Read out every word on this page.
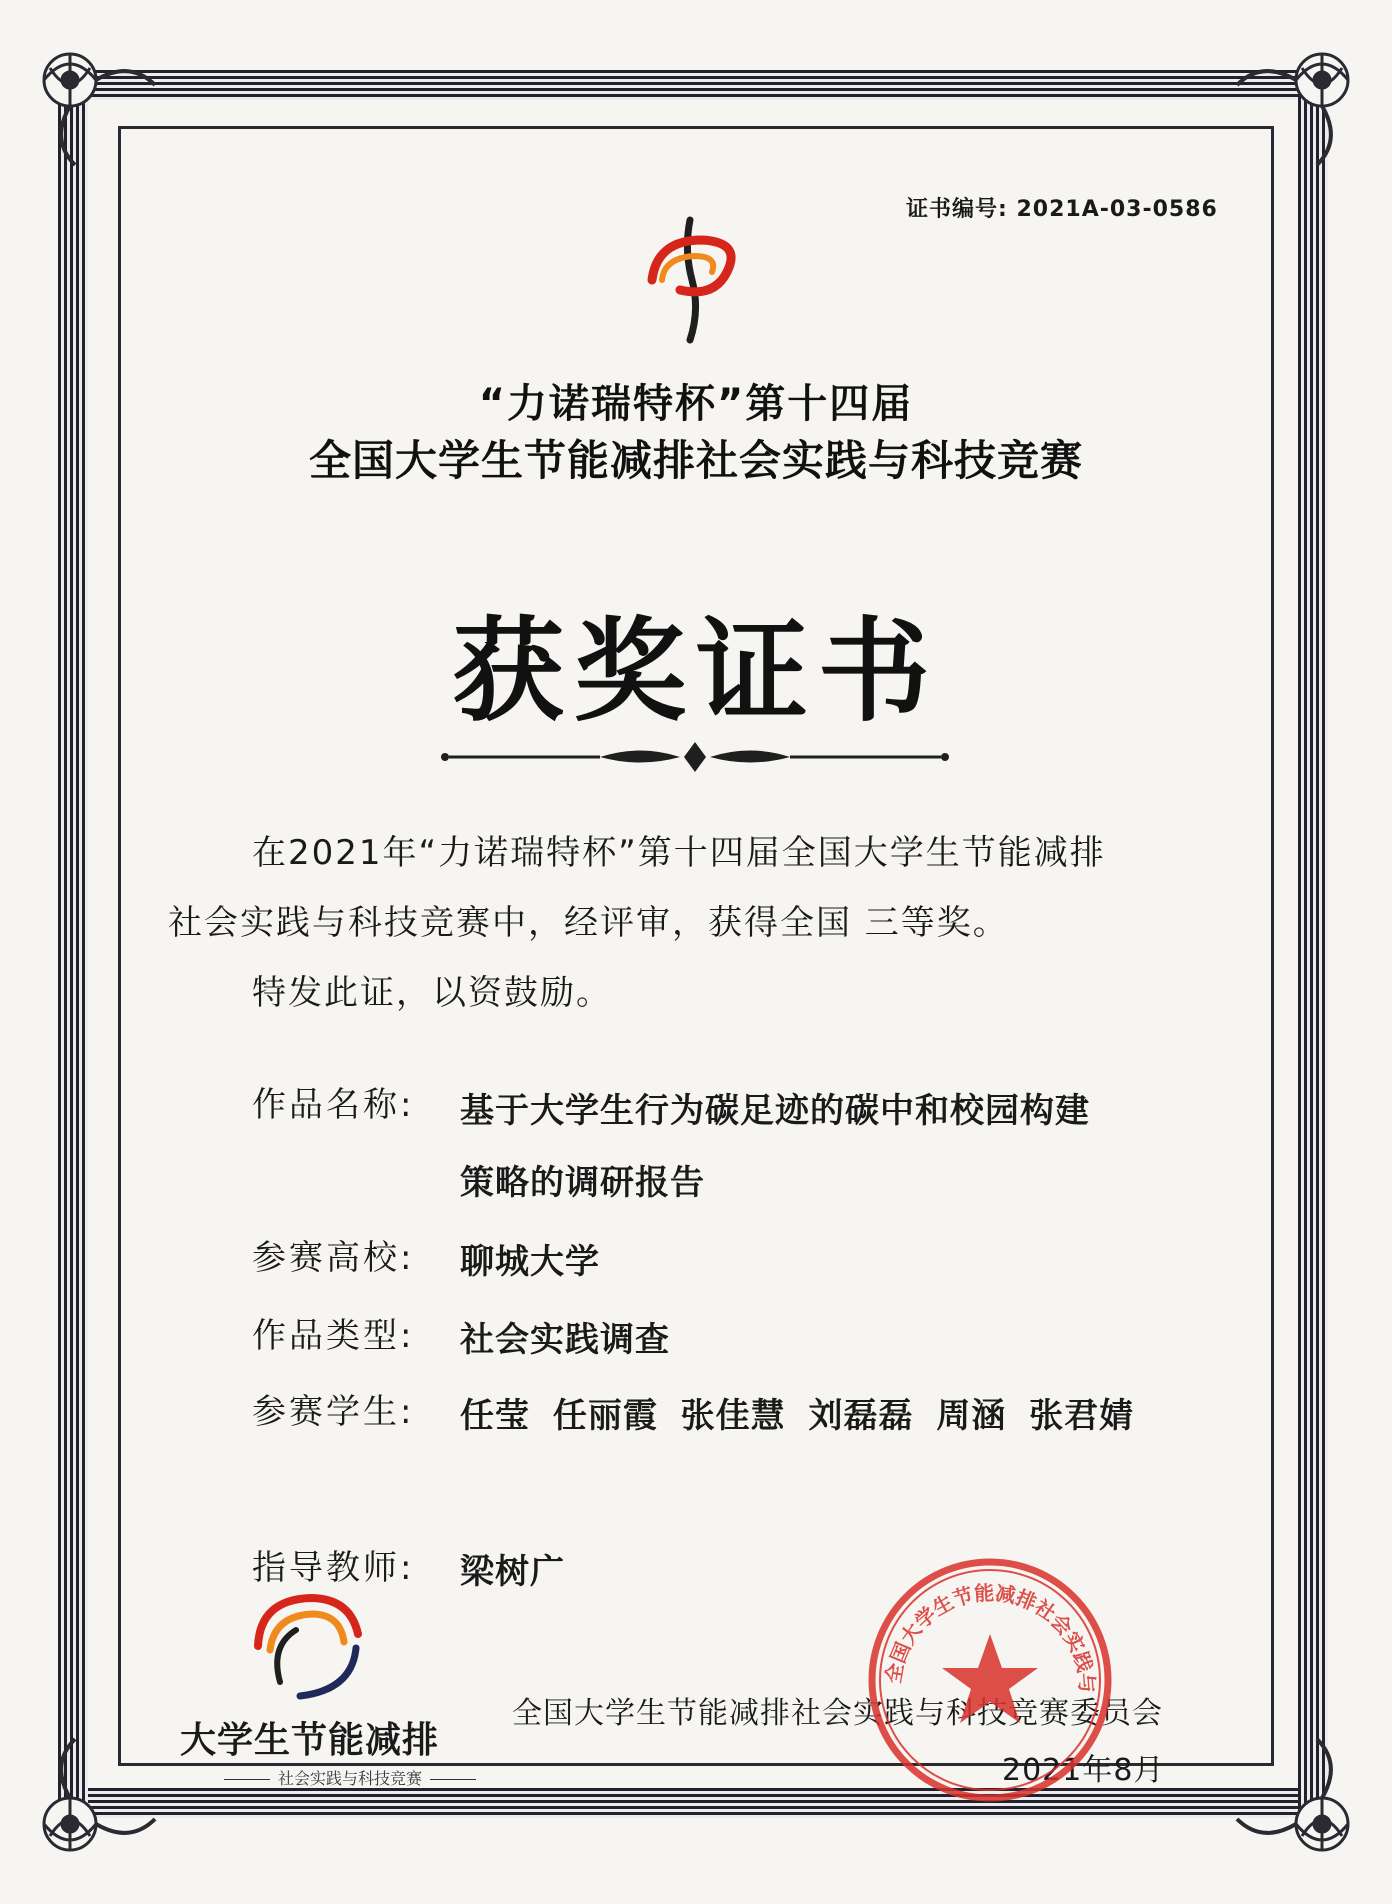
证书编号: 2021A-03-0586
“力诺瑞特杯”第十四届
全国大学生节能减排社会实践与科技竞赛
获奖证书
在2021年“力诺瑞特杯”第十四届全国大学生节能减排
社会实践与科技竞赛中，经评审，获得全国 三等奖。
特发此证，以资鼓励。
作品名称: 基于大学生行为碳足迹的碳中和校园构建
策略的调研报告
参赛高校: 聊城大学
作品类型: 社会实践调查
参赛学生: 任莹 任丽霞 张佳慧 刘磊磊 周涵 张君婧
指导教师: 梁树广
大学生节能减排
社会实践与科技竞赛
全国大学生节能减排社会实践与科技竞赛委员会
2021年8月
全国大学生节能减排社会实践与
